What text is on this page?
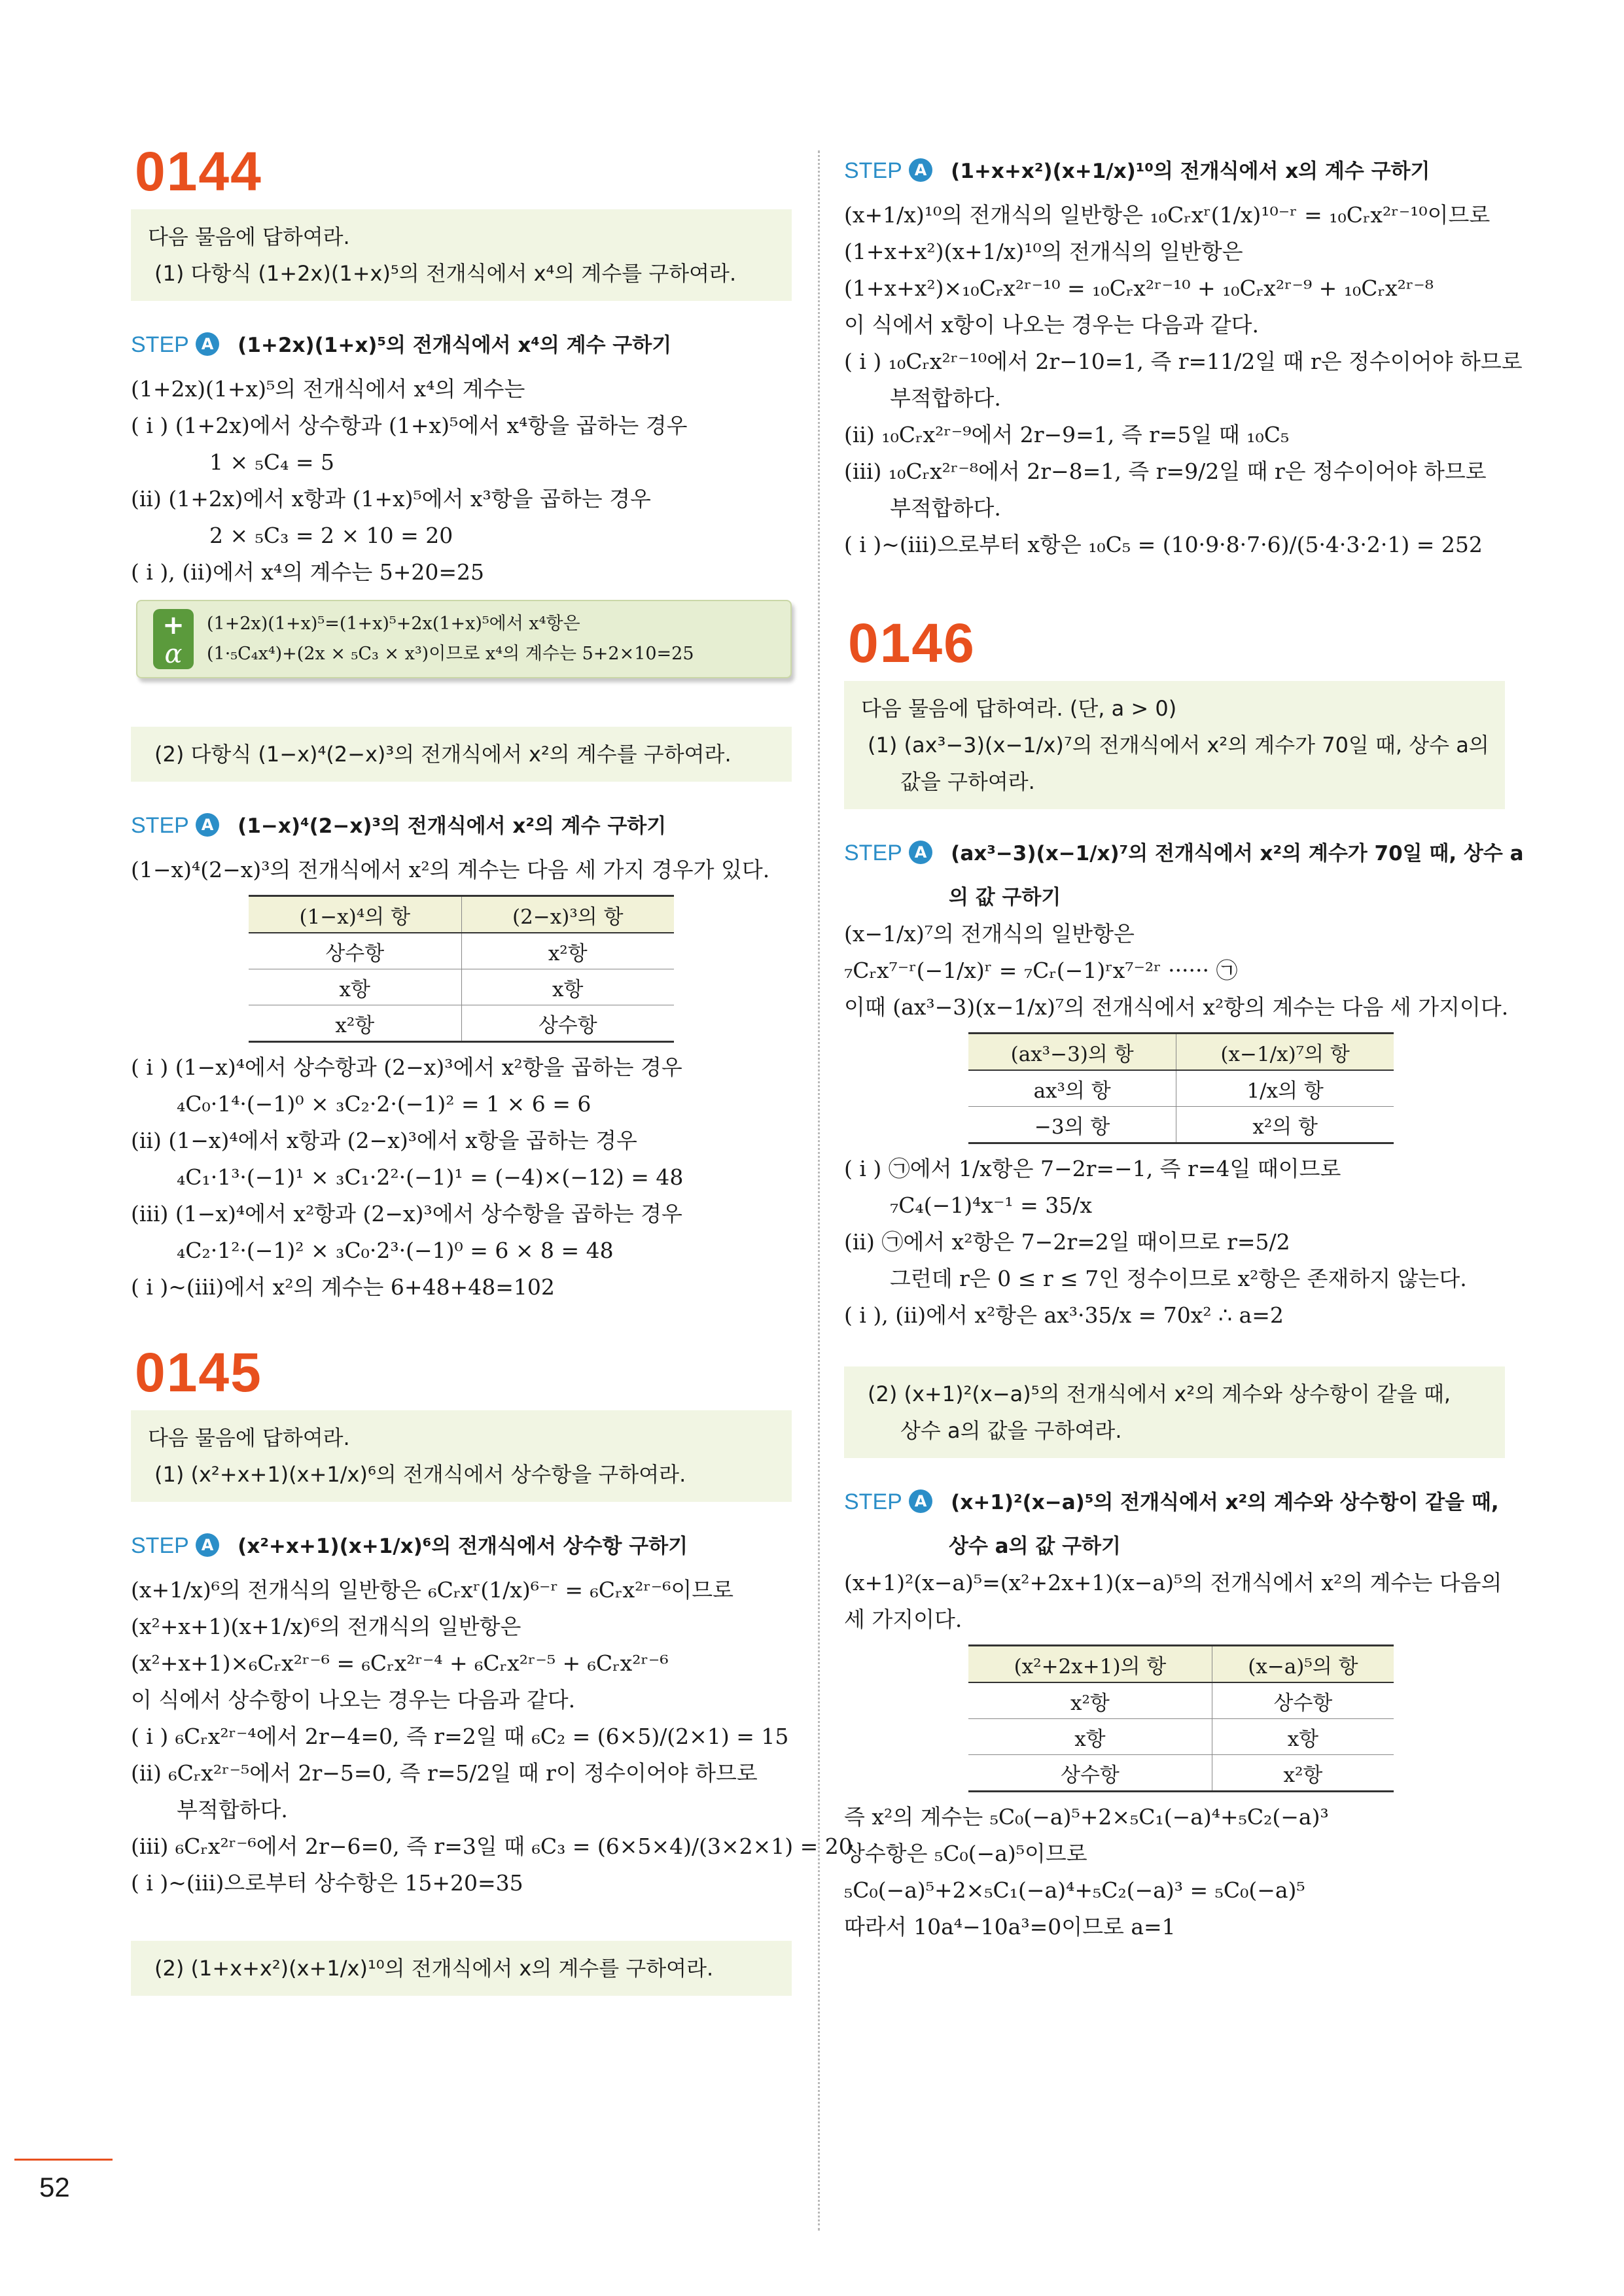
0144
다음 물음에 답하여라.
(1) 다항식 (1+2x)(1+x)⁵의 전개식에서 x⁴의 계수를 구하여라.
STEP A (1+2x)(1+x)⁵의 전개식에서 x⁴의 계수 구하기
(1+2x)(1+x)⁵의 전개식에서 x⁴의 계수는
( i ) (1+2x)에서 상수항과 (1+x)⁵에서 x⁴항을 곱하는 경우
1 × ₅C₄ = 5
(ii) (1+2x)에서 x항과 (1+x)⁵에서 x³항을 곱하는 경우
2 × ₅C₃ = 2 × 10 = 20
( i ), (ii)에서 x⁴의 계수는 5+20=25
+
α
(1+2x)(1+x)⁵=(1+x)⁵+2x(1+x)⁵에서 x⁴항은
(1·₅C₄x⁴)+(2x × ₅C₃ × x³)이므로 x⁴의 계수는 5+2×10=25
(2) 다항식 (1−x)⁴(2−x)³의 전개식에서 x²의 계수를 구하여라.
STEP A (1−x)⁴(2−x)³의 전개식에서 x²의 계수 구하기
(1−x)⁴(2−x)³의 전개식에서 x²의 계수는 다음 세 가지 경우가 있다.
(1−x)⁴의 항	(2−x)³의 항
상수항	x²항
x항	x항
x²항	상수항
( i ) (1−x)⁴에서 상수항과 (2−x)³에서 x²항을 곱하는 경우
₄C₀·1⁴·(−1)⁰ × ₃C₂·2·(−1)² = 1 × 6 = 6
(ii) (1−x)⁴에서 x항과 (2−x)³에서 x항을 곱하는 경우
₄C₁·1³·(−1)¹ × ₃C₁·2²·(−1)¹ = (−4)×(−12) = 48
(iii) (1−x)⁴에서 x²항과 (2−x)³에서 상수항을 곱하는 경우
₄C₂·1²·(−1)² × ₃C₀·2³·(−1)⁰ = 6 × 8 = 48
( i )~(iii)에서 x²의 계수는 6+48+48=102
0145
다음 물음에 답하여라.
(1) (x²+x+1)(x+1/x)⁶의 전개식에서 상수항을 구하여라.
STEP A (x²+x+1)(x+1/x)⁶의 전개식에서 상수항 구하기
(x+1/x)⁶의 전개식의 일반항은 ₆Cᵣxʳ(1/x)⁶⁻ʳ = ₆Cᵣx²ʳ⁻⁶이므로
(x²+x+1)(x+1/x)⁶의 전개식의 일반항은
(x²+x+1)×₆Cᵣx²ʳ⁻⁶ = ₆Cᵣx²ʳ⁻⁴ + ₆Cᵣx²ʳ⁻⁵ + ₆Cᵣx²ʳ⁻⁶
이 식에서 상수항이 나오는 경우는 다음과 같다.
( i ) ₆Cᵣx²ʳ⁻⁴에서 2r−4=0, 즉 r=2일 때 ₆C₂ = (6×5)/(2×1) = 15
(ii) ₆Cᵣx²ʳ⁻⁵에서 2r−5=0, 즉 r=5/2일 때 r이 정수이어야 하므로
부적합하다.
(iii) ₆Cᵣx²ʳ⁻⁶에서 2r−6=0, 즉 r=3일 때 ₆C₃ = (6×5×4)/(3×2×1) = 20
( i )~(iii)으로부터 상수항은 15+20=35
(2) (1+x+x²)(x+1/x)¹⁰의 전개식에서 x의 계수를 구하여라.
STEP A (1+x+x²)(x+1/x)¹⁰의 전개식에서 x의 계수 구하기
(x+1/x)¹⁰의 전개식의 일반항은 ₁₀Cᵣxʳ(1/x)¹⁰⁻ʳ = ₁₀Cᵣx²ʳ⁻¹⁰이므로
(1+x+x²)(x+1/x)¹⁰의 전개식의 일반항은
(1+x+x²)×₁₀Cᵣx²ʳ⁻¹⁰ = ₁₀Cᵣx²ʳ⁻¹⁰ + ₁₀Cᵣx²ʳ⁻⁹ + ₁₀Cᵣx²ʳ⁻⁸
이 식에서 x항이 나오는 경우는 다음과 같다.
( i ) ₁₀Cᵣx²ʳ⁻¹⁰에서 2r−10=1, 즉 r=11/2일 때 r은 정수이어야 하므로
부적합하다.
(ii) ₁₀Cᵣx²ʳ⁻⁹에서 2r−9=1, 즉 r=5일 때 ₁₀C₅
(iii) ₁₀Cᵣx²ʳ⁻⁸에서 2r−8=1, 즉 r=9/2일 때 r은 정수이어야 하므로
부적합하다.
( i )~(iii)으로부터 x항은 ₁₀C₅ = (10·9·8·7·6)/(5·4·3·2·1) = 252
0146
다음 물음에 답하여라. (단, a > 0)
(1) (ax³−3)(x−1/x)⁷의 전개식에서 x²의 계수가 70일 때, 상수 a의
값을 구하여라.
STEP A (ax³−3)(x−1/x)⁷의 전개식에서 x²의 계수가 70일 때, 상수 a
의 값 구하기
(x−1/x)⁷의 전개식의 일반항은
₇Cᵣx⁷⁻ʳ(−1/x)ʳ = ₇Cᵣ(−1)ʳx⁷⁻²ʳ ······ ㉠
이때 (ax³−3)(x−1/x)⁷의 전개식에서 x²항의 계수는 다음 세 가지이다.
(ax³−3)의 항	(x−1/x)⁷의 항
ax³의 항	1/x의 항
−3의 항	x²의 항
( i ) ㉠에서 1/x항은 7−2r=−1, 즉 r=4일 때이므로
₇C₄(−1)⁴x⁻¹ = 35/x
(ii) ㉠에서 x²항은 7−2r=2일 때이므로 r=5/2
그런데 r은 0 ≤ r ≤ 7인 정수이므로 x²항은 존재하지 않는다.
( i ), (ii)에서 x²항은 ax³·35/x = 70x² ∴ a=2
(2) (x+1)²(x−a)⁵의 전개식에서 x²의 계수와 상수항이 같을 때,
상수 a의 값을 구하여라.
STEP A (x+1)²(x−a)⁵의 전개식에서 x²의 계수와 상수항이 같을 때,
상수 a의 값 구하기
(x+1)²(x−a)⁵=(x²+2x+1)(x−a)⁵의 전개식에서 x²의 계수는 다음의
세 가지이다.
(x²+2x+1)의 항	(x−a)⁵의 항
x²항	상수항
x항	x항
상수항	x²항
즉 x²의 계수는 ₅C₀(−a)⁵+2×₅C₁(−a)⁴+₅C₂(−a)³
상수항은 ₅C₀(−a)⁵이므로
₅C₀(−a)⁵+2×₅C₁(−a)⁴+₅C₂(−a)³ = ₅C₀(−a)⁵
따라서 10a⁴−10a³=0이므로 a=1
52
